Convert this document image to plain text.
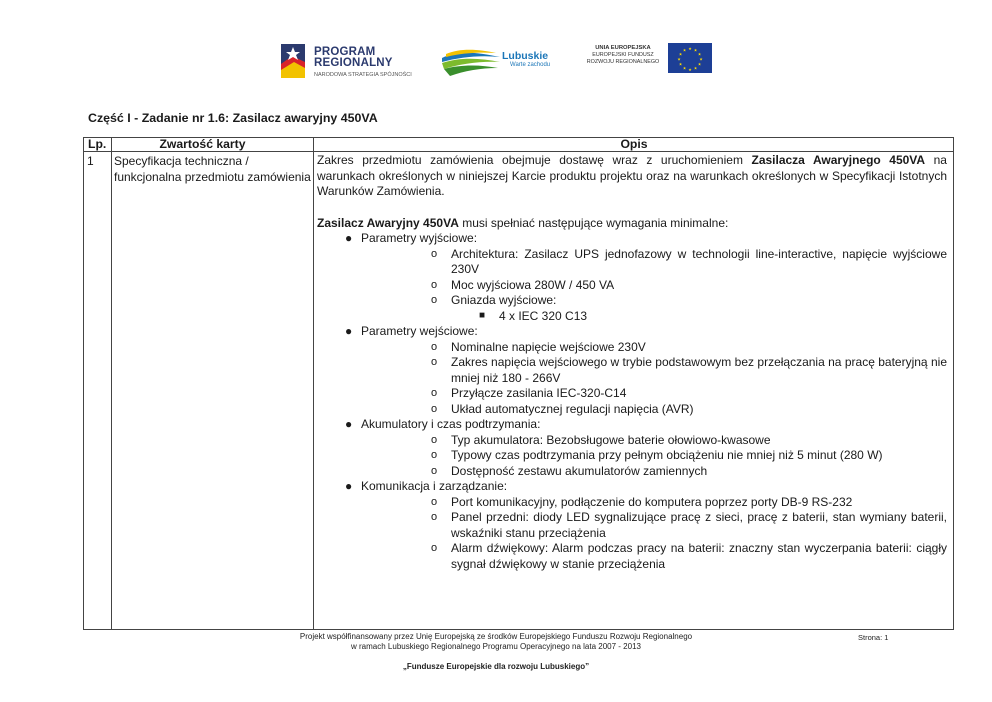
PROGRAM
REGIONALNY
NARODOWA STRATEGIA SPÓJNOŚCI
Lubuskie
Warte zachodu
UNIA EUROPEJSKA
EUROPEJSKI FUNDUSZ
ROZWOJU REGIONALNEGO
★ ★
★
★
★
★
★
★
★
★
★
★
Część I - Zadanie nr 1.6: Zasilacz awaryjny 450VA
Lp.	Zwartość karty	Opis
1 Specyfikacja techniczna /
funkcjonalna przedmiotu zamówienia

Zakres przedmiotu zamówienia obejmuje dostawę wraz z uruchomieniem Zasilacza Awaryjnego 450VA na warunkach określonych w niniejszej Karcie produktu projektu oraz na warunkach określonych w Specyfikacji Istotnych Warunków Zamówienia.

Zasilacz Awaryjny 450VA musi spełniać następujące wymagania minimalne:

● Parametry wyjściowe:
o Architektura: Zasilacz UPS jednofazowy w technologii line-interactive, napięcie wyjściowe 230V
o Moc wyjściowa 280W / 450 VA
o Gniazda wyjściowe:
■ 4 x IEC 320 C13
● Parametry wejściowe:
o Nominalne napięcie wejściowe 230V
o Zakres napięcia wejściowego w trybie podstawowym bez przełączania na pracę bateryjną nie mniej niż 180 - 266V
o Przyłącze zasilania IEC-320-C14
o Układ automatycznej regulacji napięcia (AVR)
● Akumulatory i czas podtrzymania:
o Typ akumulatora: Bezobsługowe baterie ołowiowo-kwasowe
o Typowy czas podtrzymania przy pełnym obciążeniu nie mniej niż 5 minut (280 W)
o Dostępność zestawu akumulatorów zamiennych
● Komunikacja i zarządzanie:
o Port komunikacyjny, podłączenie do komputera poprzez porty DB-9 RS-232
o Panel przedni: diody LED sygnalizujące pracę z sieci, pracę z baterii, stan wymiany baterii, wskaźniki stanu przeciążenia
o Alarm dźwiękowy: Alarm podczas pracy na baterii: znaczny stan wyczerpania baterii: ciągły sygnał dźwiękowy w stanie przeciążenia
Projekt współfinansowany przez Unię Europejską ze środków Europejskiego Funduszu Rozwoju Regionalnego
w ramach Lubuskiego Regionalnego Programu Operacyjnego na lata 2007 - 2013
Strona: 1
„Fundusze Europejskie dla rozwoju Lubuskiego”
